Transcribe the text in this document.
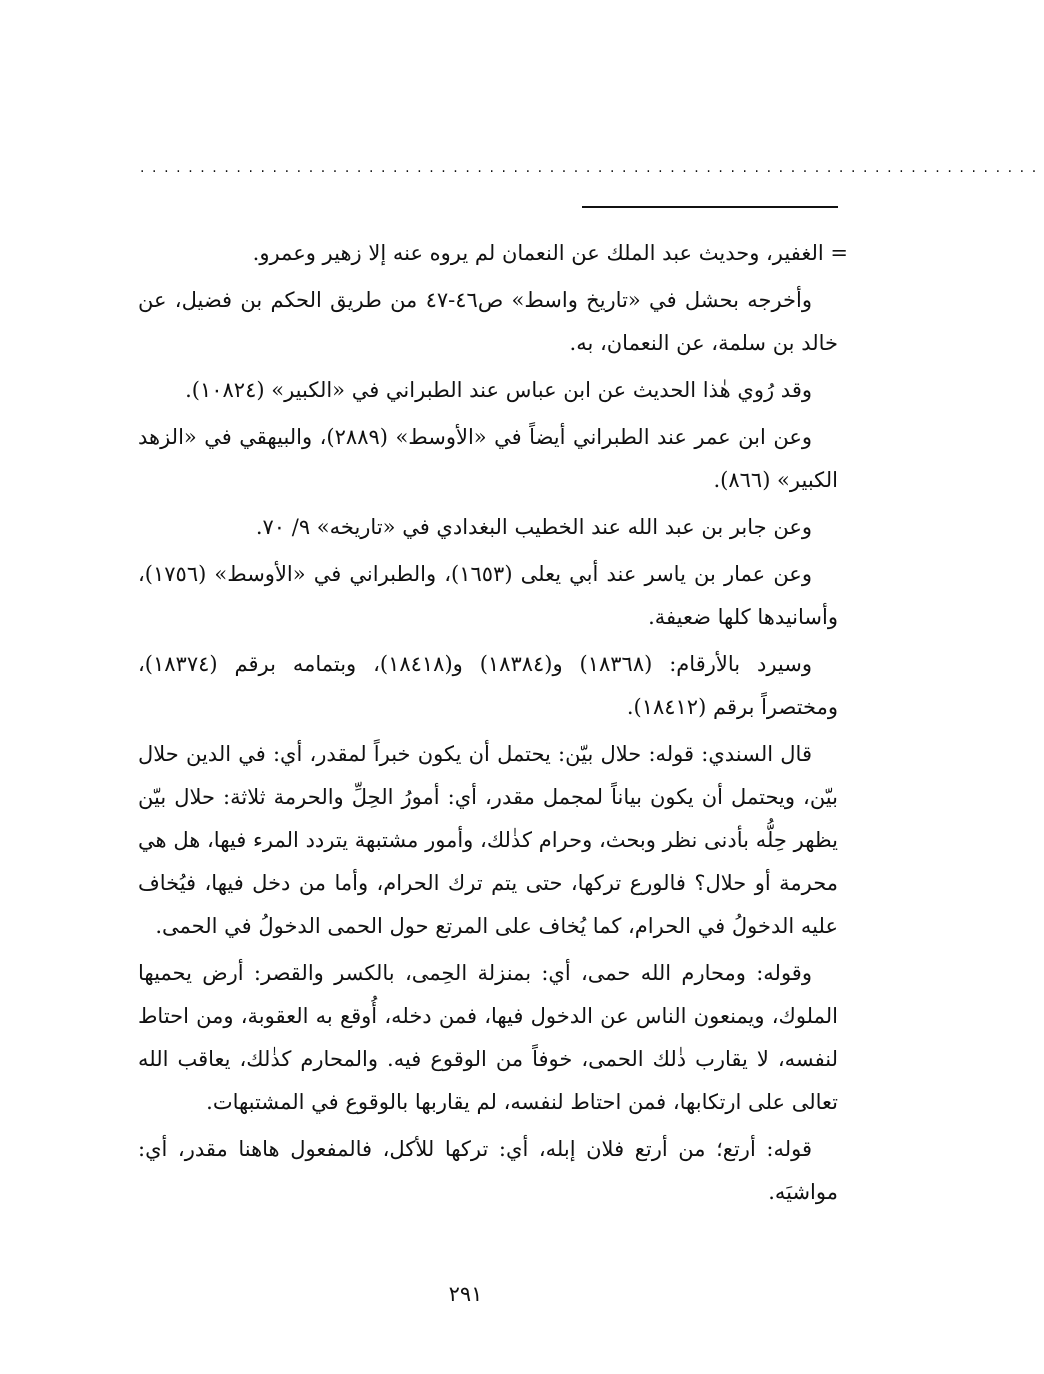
...........................................................................

= الغفير، وحديث عبد الملك عن النعمان لم يروه عنه إلا زهير وعمرو.

وأخرجه بحشل في «تاريخ واسط» ص٤٦-٤٧ من طريق الحكم بن فضيل، عن خالد بن سلمة، عن النعمان، به.

وقد رُوي هٰذا الحديث عن ابن عباس عند الطبراني في «الكبير» (١٠٨٢٤).

وعن ابن عمر عند الطبراني أيضاً في «الأوسط» (٢٨٨٩)، والبيهقي في «الزهد الكبير» (٨٦٦).

وعن جابر بن عبد الله عند الخطيب البغدادي في «تاريخه» ٩/ ٧٠.

وعن عمار بن ياسر عند أبي يعلى (١٦٥٣)، والطبراني في «الأوسط» (١٧٥٦)، وأسانيدها كلها ضعيفة.

وسيرد بالأرقام: (١٨٣٦٨) و(١٨٣٨٤) و(١٨٤١٨)، وبتمامه برقم (١٨٣٧٤)، ومختصراً برقم (١٨٤١٢).

قال السندي: قوله: حلال بيّن: يحتمل أن يكون خبراً لمقدر، أي: في الدين حلال بيّن، ويحتمل أن يكون بياناً لمجمل مقدر، أي: أمورُ الحِلِّ والحرمة ثلاثة: حلال بيّن يظهر حِلُّه بأدنى نظر وبحث، وحرام كذٰلك، وأمور مشتبهة يتردد المرء فيها، هل هي محرمة أو حلال؟ فالورع تركها، حتى يتم ترك الحرام، وأما من دخل فيها، فيُخاف عليه الدخولُ في الحرام، كما يُخاف على المرتع حول الحمى الدخولُ في الحمى.

وقوله: ومحارم الله حمى، أي: بمنزلة الحِمى، بالكسر والقصر: أرض يحميها الملوك، ويمنعون الناس عن الدخول فيها، فمن دخله، أُوقع به العقوبة، ومن احتاط لنفسه، لا يقارب ذٰلك الحمى، خوفاً من الوقوع فيه. والمحارم كذٰلك، يعاقب الله تعالى على ارتكابها، فمن احتاط لنفسه، لم يقاربها بالوقوع في المشتبهات.

قوله: أرتع؛ من أرتع فلان إبله، أي: تركها للأكل، فالمفعول هاهنا مقدر، أي: مواشيَه.

٢٩١
